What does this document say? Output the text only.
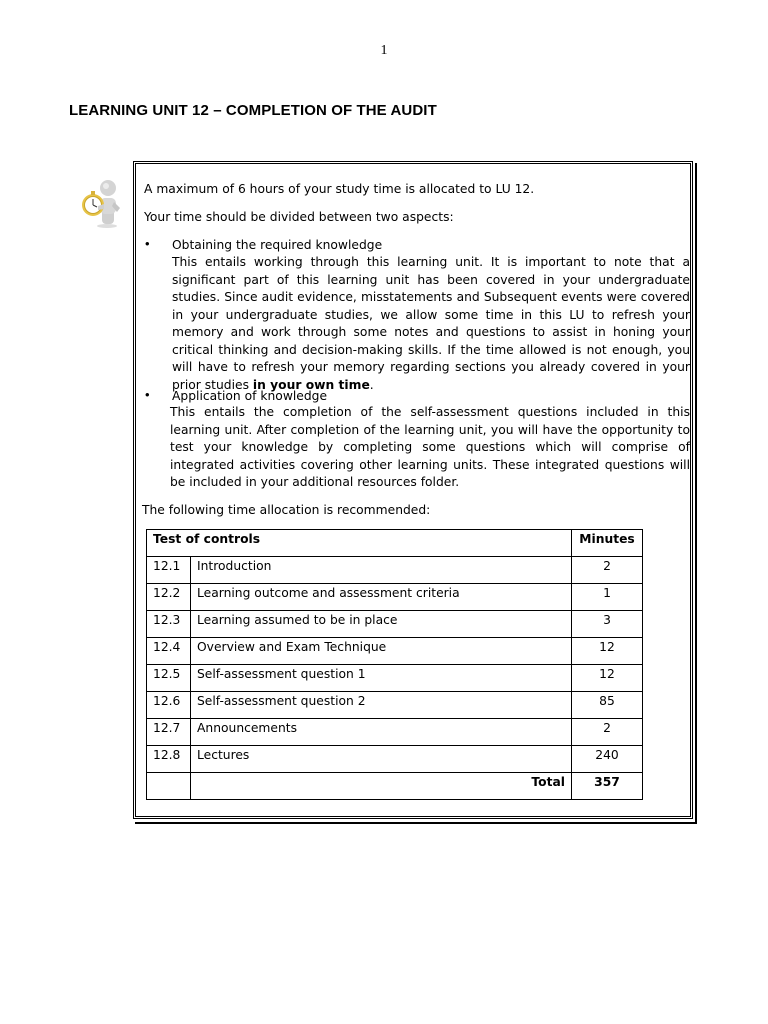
1
LEARNING UNIT 12 – COMPLETION OF THE AUDIT
A maximum of 6 hours of your study time is allocated to LU 12.
Your time should be divided between two aspects:
• Obtaining the required knowledge
This entails working through this learning unit. It is important to note that a significant part of this learning unit has been covered in your undergraduate studies. Since audit evidence, misstatements and Subsequent events were covered in your undergraduate studies, we allow some time in this LU to refresh your memory and work through some notes and questions to assist in honing your critical thinking and decision-making skills. If the time allowed is not enough, you will have to refresh your memory regarding sections you already covered in your prior studies in your own time.
• Application of knowledge
This entails the completion of the self-assessment questions included in this learning unit. After completion of the learning unit, you will have the opportunity to test your knowledge by completing some questions which will comprise of integrated activities covering other learning units. These integrated questions will be included in your additional resources folder.
The following time allocation is recommended:
Test of controls		Minutes
12.1	Introduction	2
12.2	Learning outcome and assessment criteria	1
12.3	Learning assumed to be in place	3
12.4	Overview and Exam Technique	12
12.5	Self-assessment question 1	12
12.6	Self-assessment question 2	85
12.7	Announcements	2
12.8	Lectures	240
	Total	357
